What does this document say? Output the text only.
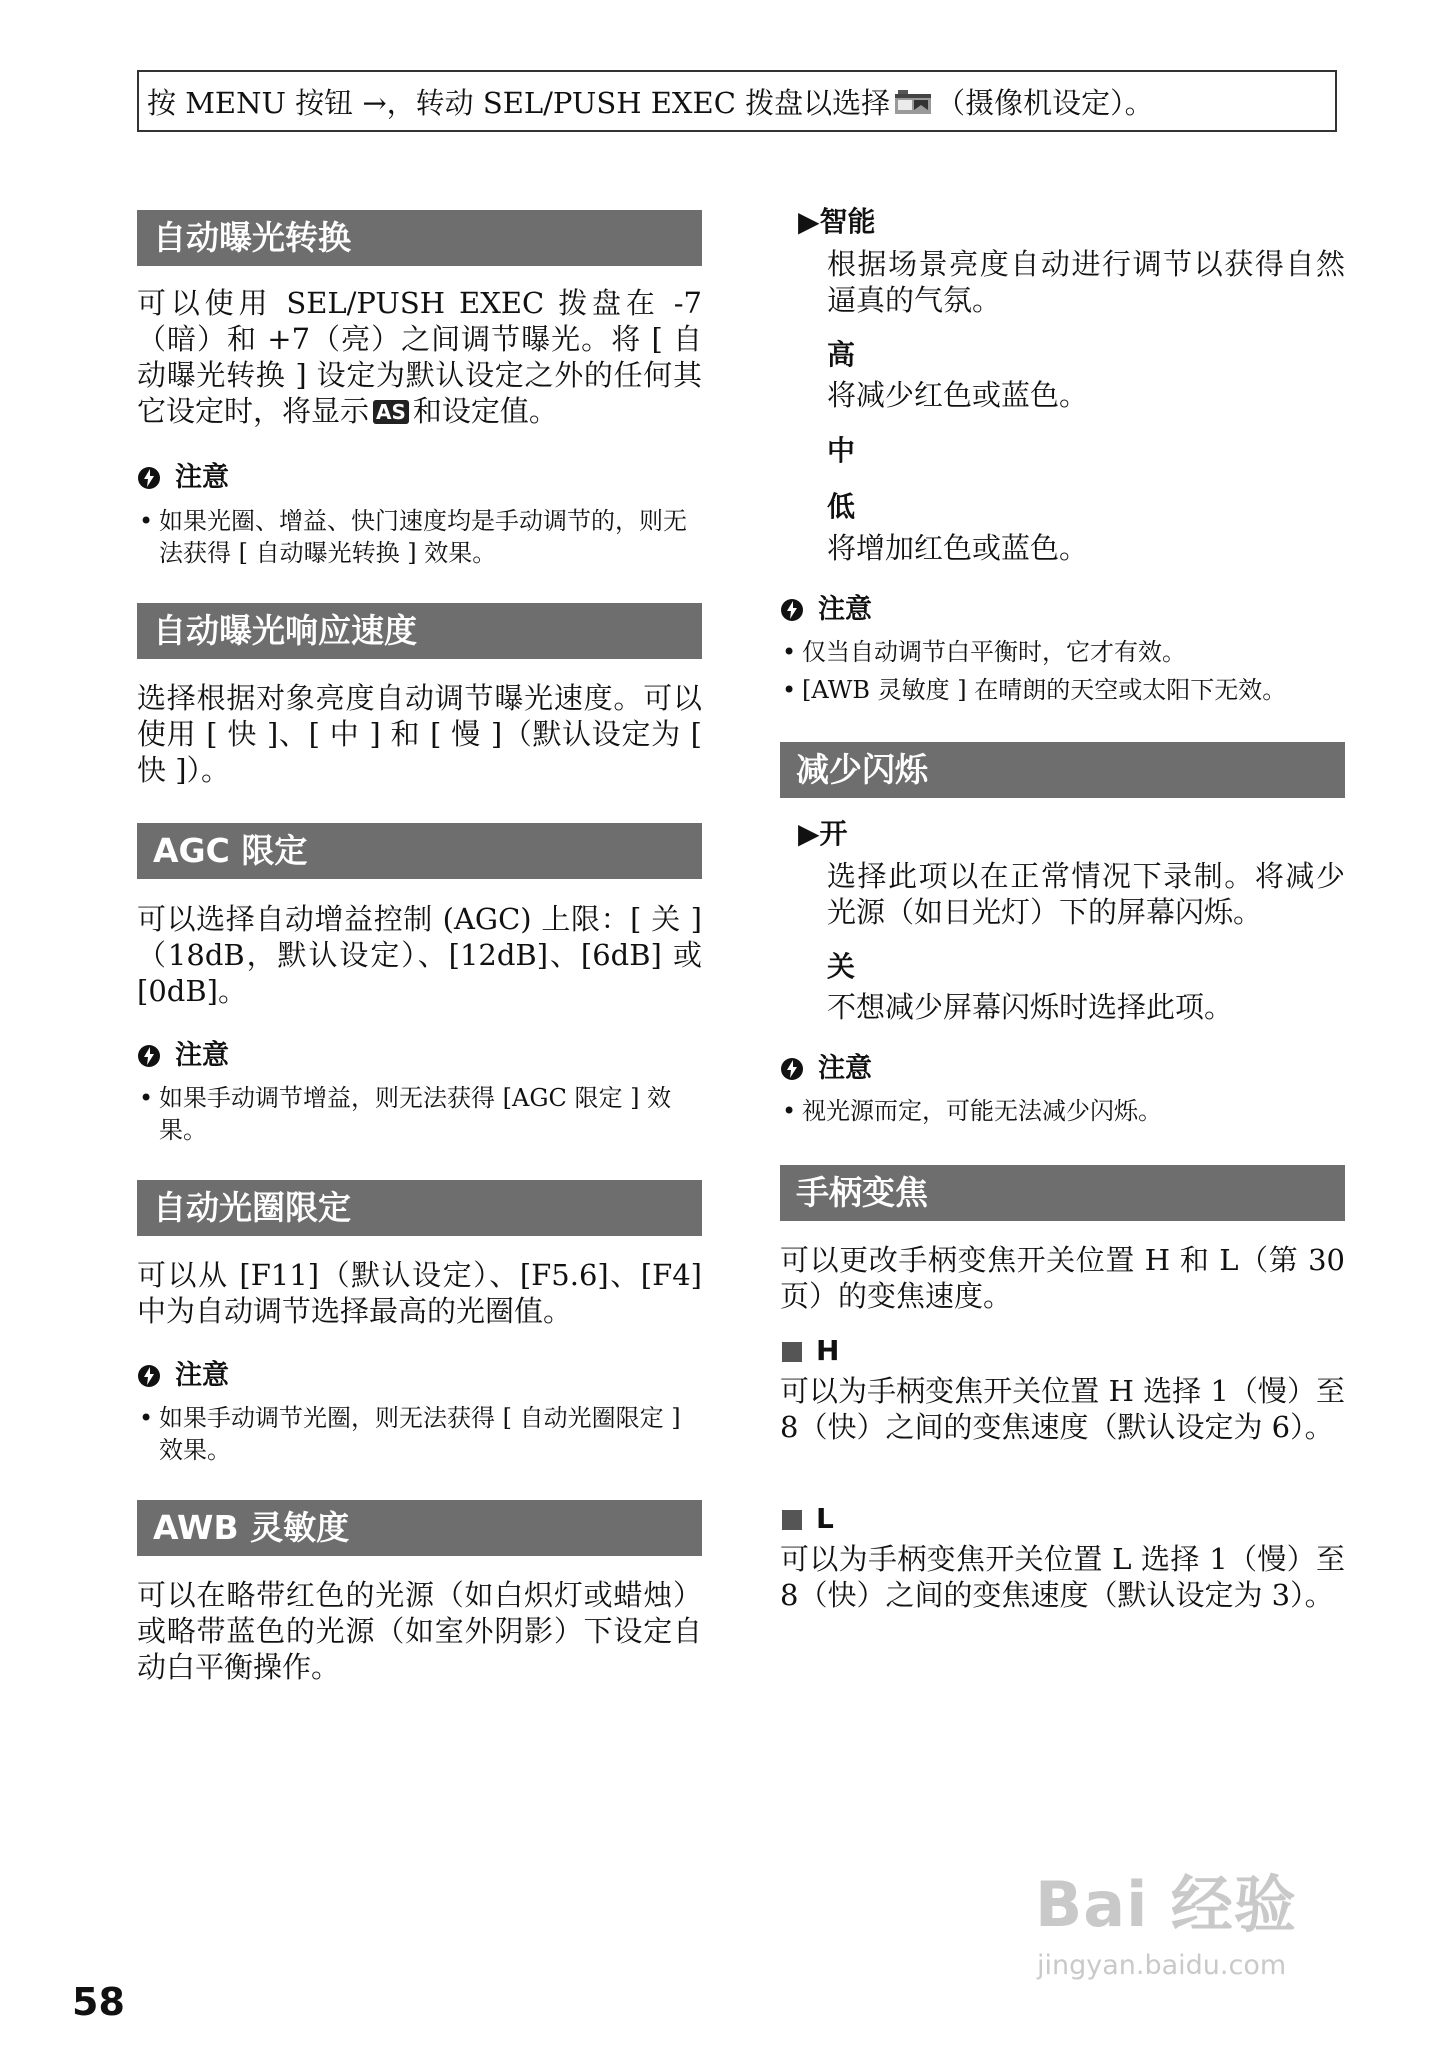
按 MENU 按钮 →，转动 SEL/PUSH EXEC 拨盘以选择 （摄像机设定）。
自动曝光转换
可以使用 SEL/PUSH EXEC 拨盘在 -7（暗）和 +7（亮）之间调节曝光。将 [ 自动曝光转换 ] 设定为默认设定之外的任何其它设定时，将显示 AS 和设定值。
注意
• 如果光圈、增益、快门速度均是手动调节的，则无法获得 [ 自动曝光转换 ] 效果。
自动曝光响应速度
选择根据对象亮度自动调节曝光速度。可以使用 [ 快 ]、[ 中 ] 和 [ 慢 ]（默认设定为 [ 快 ]）。
AGC 限定
可以选择自动增益控制 (AGC) 上限：[ 关 ]（18dB，默认设定）、[12dB]、[6dB] 或 [0dB]。
注意
• 如果手动调节增益，则无法获得 [AGC 限定 ] 效果。
自动光圈限定
可以从 [F11]（默认设定）、[F5.6]、[F4] 中为自动调节选择最高的光圈值。
注意
• 如果手动调节光圈，则无法获得 [ 自动光圈限定 ] 效果。
AWB 灵敏度
可以在略带红色的光源（如白炽灯或蜡烛）或略带蓝色的光源（如室外阴影）下设定自动白平衡操作。
▶智能
根据场景亮度自动进行调节以获得自然逼真的气氛。
高
将减少红色或蓝色。
中
低
将增加红色或蓝色。
注意
• 仅当自动调节白平衡时，它才有效。
• [AWB 灵敏度 ] 在晴朗的天空或太阳下无效。
减少闪烁
▶开
选择此项以在正常情况下录制。将减少光源（如日光灯）下的屏幕闪烁。
关
不想减少屏幕闪烁时选择此项。
注意
• 视光源而定，可能无法减少闪烁。
手柄变焦
可以更改手柄变焦开关位置 H 和 L（第 30 页）的变焦速度。
H
可以为手柄变焦开关位置 H 选择 1（慢）至 8（快）之间的变焦速度（默认设定为 6）。
L
可以为手柄变焦开关位置 L 选择 1（慢）至 8（快）之间的变焦速度（默认设定为 3）。
58
Bai 经验
jingyan.baidu.com
